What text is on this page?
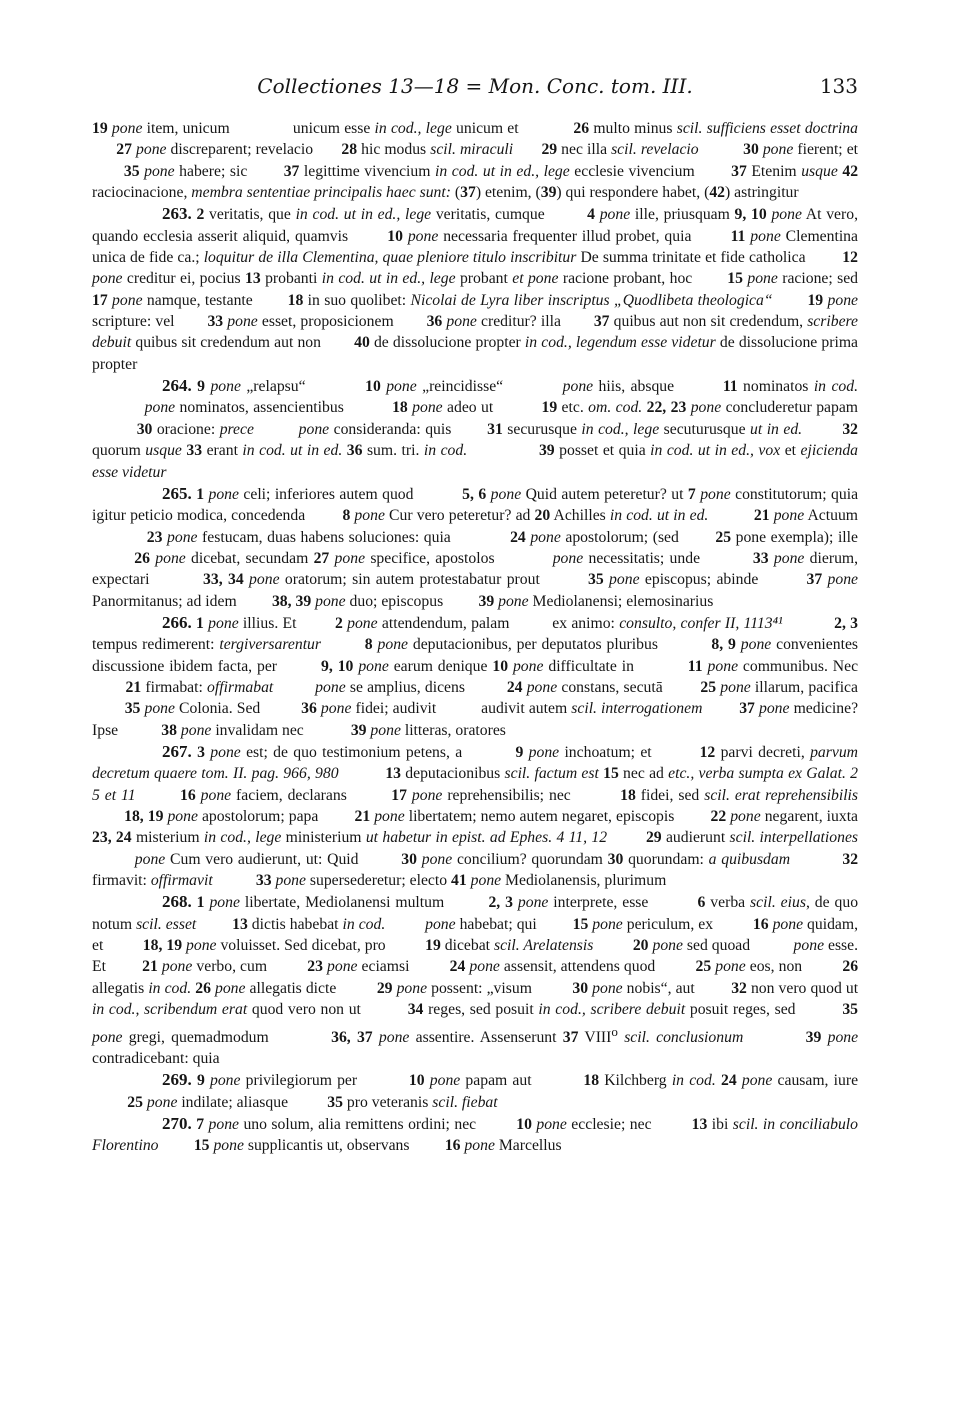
Collectiones 13—18 = Mon. Conc. tom. III.	133

19 pone item, unicum               unicum esse in cod., lege unicum et             26 multo minus scil. sufficiens esset doctrina       27 pone discreparent; revelacio       28 hic modus scil. miraculi 29 nec illa scil. revelacio	30 pone fierent; et        35 pone habere; sic        37 legittime vivencium in cod. ut in ed., lege ecclesie vivencium        37 Etenim usque 42 raciocinacione, membra sententiae principalis haec sunt: (37) etenim, (39) qui respondere habet, (42) astringitur

263. 2 veritatis, que in cod. ut in ed., lege veritatis, cumque         4 pone ille, priusquam 9, 10 pone At vero, quando ecclesia asserit aliquid, quamvis        10 pone necessaria frequenter illud probet, quia        11 pone Clementina unica de fide ca.; loquitur de illa Clementina, quae pleniore titulo inscribitur De summa trinitate et fide catholica         12 pone creditur ei, pocius 13 probanti in cod. ut in ed., lege probant et pone racione probant, hoc        15 pone racione; sed 17 pone namque, testante        18 in suo quolibet: Nicolai de Lyra liber inscriptus „Quodlibeta theologica“ 19 pone scripture: vel        33 pone esset, proposicionem        36 pone creditur? illa        37 quibus aut non sit credendum, scribere debuit quibus sit credendum aut non        40 de dissolucione propter in cod., legendum esse videtur de dissolucione prima propter

264. 9 pone „relapsu“           10 pone „reincidisse“           pone hiis, absque         11 nominatos in cod.             pone nominatos, assencientibus           18 pone adeo ut           19 etc. om. cod. 22, 23 pone concluderetur papam           30 oracione: prece	pone consideranda: quis        31 securusque in cod., lege secuturusque ut in ed.	32 quorum usque 33 erant in cod. ut in ed. 36 sum. tri. in cod.	39 posset et quia in cod. ut in ed., vox et ejicienda esse videtur

265. 1 pone celi; inferiores autem quod           5, 6 pone Quid autem peteretur? ut 7 pone constitutorum; quia igitur peticio modica, concedenda         8 pone Cur vero peteretur? ad 20 Achilles in cod. ut in ed.	21 pone Actuum             23 pone festucam, duas habens soluciones: quia             24 pone apostolorum; (sed        25 pone exempla); ille         26 pone dicebat, secundam 27 pone specifice, apostolos           pone necessitatis; unde          33 pone dierum, expectari          33, 34 pone oratorum; sin autem protestabatur prout         35 pone episcopus; abinde         37 pone Panormitanus; ad idem         38, 39 pone duo; episcopus         39 pone Mediolanensi; elemosinarius

266. 1 pone illius. Et         2 pone attendendum, palam          ex animo: consulto, confer II, 1113⁴¹	2, 3 tempus redimerent: tergiversarentur	8 pone deputacionibus, per deputatos pluribus           8, 9 pone convenientes discussione ibidem facta, per         9, 10 pone earum denique 10 pone difficultate in           11 pone communibus. Nec         21 firmabat: offirmabat	pone se amplius, dicens          24 pone constans, secutā         25 pone illarum, pacifica         35 pone Colonia. Sed          36 pone fidei; audivit           audivit autem scil. interrogationem 37 pone medicine? Ipse           38 pone invalidam nec            39 pone litteras, oratores

267. 3 pone est; de quo testimonium petens, a          9 pone inchoatum; et         12 parvi decreti, parvum decretum quaere tom. II. pag. 966, 980	13 deputacionibus scil. factum est 15 nec ad etc., verba sumpta ex Galat. 2 5 et 11	16 pone faciem, declarans         17 pone reprehensibilis; nec          18 fidei, sed scil. erat reprehensibilis         18, 19 pone apostolorum; papa         21 pone libertatem; nemo autem negaret, episcopis         22 pone negarent, iuxta 23, 24 misterium in cod., lege ministerium ut habetur in epist. ad Ephes. 4 11, 12 29 audierunt scil. interpellationes          pone Cum vero audierunt, ut: Quid         30 pone concilium? quorundam 30 quorundam: a quibusdam	32 firmavit: offirmavit	33 pone supersederetur; electo 41 pone Mediolanensis, plurimum

268. 1 pone libertate, Mediolanensi multum         2, 3 pone interprete, esse          6 verba scil. eius, de quo notum scil. esset 13 dictis habebat in cod.	pone habebat; qui         15 pone periculum, ex          16 pone quidam, et          18, 19 pone voluisset. Sed dicebat, pro          19 dicebat scil. Arelatensis	20 pone sed quoad           pone esse. Et         21 pone verbo, cum          23 pone eciamsi          24 pone assensit, attendens quod          25 pone eos, non          26 allegatis in cod. 26 pone allegatis dicte          29 pone possent: „visum          30 pone nobis“, aut         32 non vero quod ut in cod., scribendum erat quod vero non ut          34 reges, sed posuit in cod., scribere debuit posuit reges, sed          35 pone gregi, quemadmodum          36, 37 pone assentire. Assenserunt 37 VIII$^o$ scil. conclusionum	39 pone contradicebant: quia

269. 9 pone privilegiorum per          10 pone papam aut          18 Kilchberg in cod. 24 pone causam, iure          25 pone indilate; aliasque          35 pro veteranis scil. fiebat

270. 7 pone uno solum, alia remittens ordini; nec         10 pone ecclesie; nec         13 ibi scil. in conciliabulo Florentino 15 pone supplicantis ut, observans         16 pone Marcellus
